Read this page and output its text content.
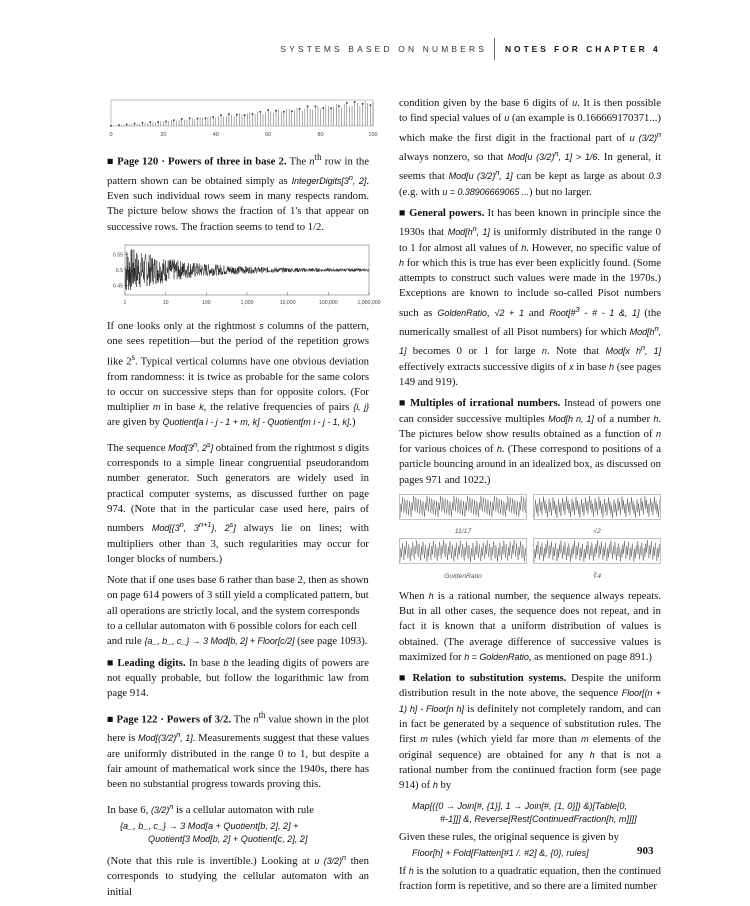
SYSTEMS BASED ON NUMBERS NOTES FOR CHAPTER 4
0	20	40	60	80	100

■ Page 120 · Powers of three in base 2. The $n^{th}$ row in the pattern shown can be obtained simply as IntegerDigits[3$^n$, 2]. Even such individual rows seem in many respects random. The picture below shows the fraction of 1's that appear on successive rows. The fraction seems to tend to 1/2.

0.55
0.5
0.45
1	10	100	1,000	10,000	100,000	1,000,000

If one looks only at the rightmost s columns of the pattern, one sees repetition—but the period of the repetition grows like 2$^s$. Typical vertical columns have one obvious deviation from randomness: it is twice as probable for the same colors to occur on successive steps than for opposite colors. (For multiplier m in base k, the relative frequencies of pairs {i, j} are given by Quotient[a i - j - 1 + m, k] - Quotient[m i - j - 1, k].)

The sequence Mod[3$^n$, 2$^s$] obtained from the rightmost s digits corresponds to a simple linear congruential pseudorandom number generator. Such generators are widely used in practical computer systems, as discussed further on page 974. (Note that in the particular case used here, pairs of numbers Mod[{3$^n$, $3^{n+1}$}, 2$^s$] always lie on lines; with multipliers other than 3, such regularities may occur for longer blocks of numbers.)

Note that if one uses base 6 rather than base 2, then as shown on page 614 powers of 3 still yield a complicated pattern, but all operations are strictly local, and the system corresponds to a cellular automaton with 6 possible colors for each cell and rule {a_, b_, c_} → 3 Mod[b, 2] + Floor[c/2] (see page 1093).

■ Leading digits. In base b the leading digits of powers are not equally probable, but follow the logarithmic law from page 914.

■ Page 122 · Powers of 3/2. The $n^{th}$ value shown in the plot here is $Mod[(3/2)^n$, 1]. Measurements suggest that these values are uniformly distributed in the range 0 to 1, but despite a fair amount of mathematical work since the 1940s, there has been no substantial progress towards proving this.

In base 6, $(3/2)^n$ is a cellular automaton with rule

{a_, b_, c_} → 3 Mod[a + Quotient[b, 2], 2] +
Quotient[3 Mod[b, 2] + Quotient[c, 2], 2]

(Note that this rule is invertible.) Looking at u $(3/2)^n$ then corresponds to studying the cellular automaton with an initial

condition given by the base 6 digits of u. It is then possible to find special values of u (an example is 0.166669170371...) which make the first digit in the fractional part of u $(3/2)^n$ always nonzero, so that Mod[u $(3/2)^n$, 1] > 1/6. In general, it seems that Mod[u $(3/2)^n$, 1] can be kept as large as about 0.3 (e.g. with u = 0.38906669065 ...) but no larger.

■ General powers. It has been known in principle since the 1930s that $Mod[h^n$, 1] is uniformly distributed in the range 0 to 1 for almost all values of h. However, no specific value of h for which this is true has ever been explicitly found. (Some attempts to construct such values were made in the 1970s.) Exceptions are known to include so-called Pisot numbers such as GoldenRatio, √2 + 1 and Root[#$^3$ - # - 1 &, 1] (the numerically smallest of all Pisot numbers) for which $Mod[h^n$, 1] becomes 0 or 1 for large n. Note that Mod[x $h^n$, 1] effectively extracts successive digits of x in base h (see pages 149 and 919).

■ Multiples of irrational numbers. Instead of powers one can consider successive multiples Mod[h n, 1] of a number h. The pictures below show results obtained as a function of n for various choices of h. (These correspond to positions of a particle bouncing around in an idealized box, as discussed on pages 971 and 1022.)

11/17	√2
GoldenRatio	∛4

When h is a rational number, the sequence always repeats. But in all other cases, the sequence does not repeat, and in fact it is known that a uniform distribution of values is obtained. (The average difference of successive values is maximized for h = GoldenRatio, as mentioned on page 891.)

■ Relation to substitution systems. Despite the uniform distribution result in the note above, the sequence Floor[(n + 1) h] - Floor[n h] is definitely not completely random, and can in fact be generated by a sequence of substitution rules. The first m rules (which yield far more than m elements of the original sequence) are obtained for any h that is not a rational number from the continued fraction form (see page 914) of h by

Map[({0 → Join[#, {1}], 1 → Join[#, {1, 0}]} &)[Table[0,
#-1]]] &, Reverse[Rest[ContinuedFraction[h, m]]]]

Given these rules, the original sequence is given by

Floor[h] + Fold[Flatten[#1 /. #2] &, {0}, rules]

If h is the solution to a quadratic equation, then the continued fraction form is repetitive, and so there are a limited number

903
